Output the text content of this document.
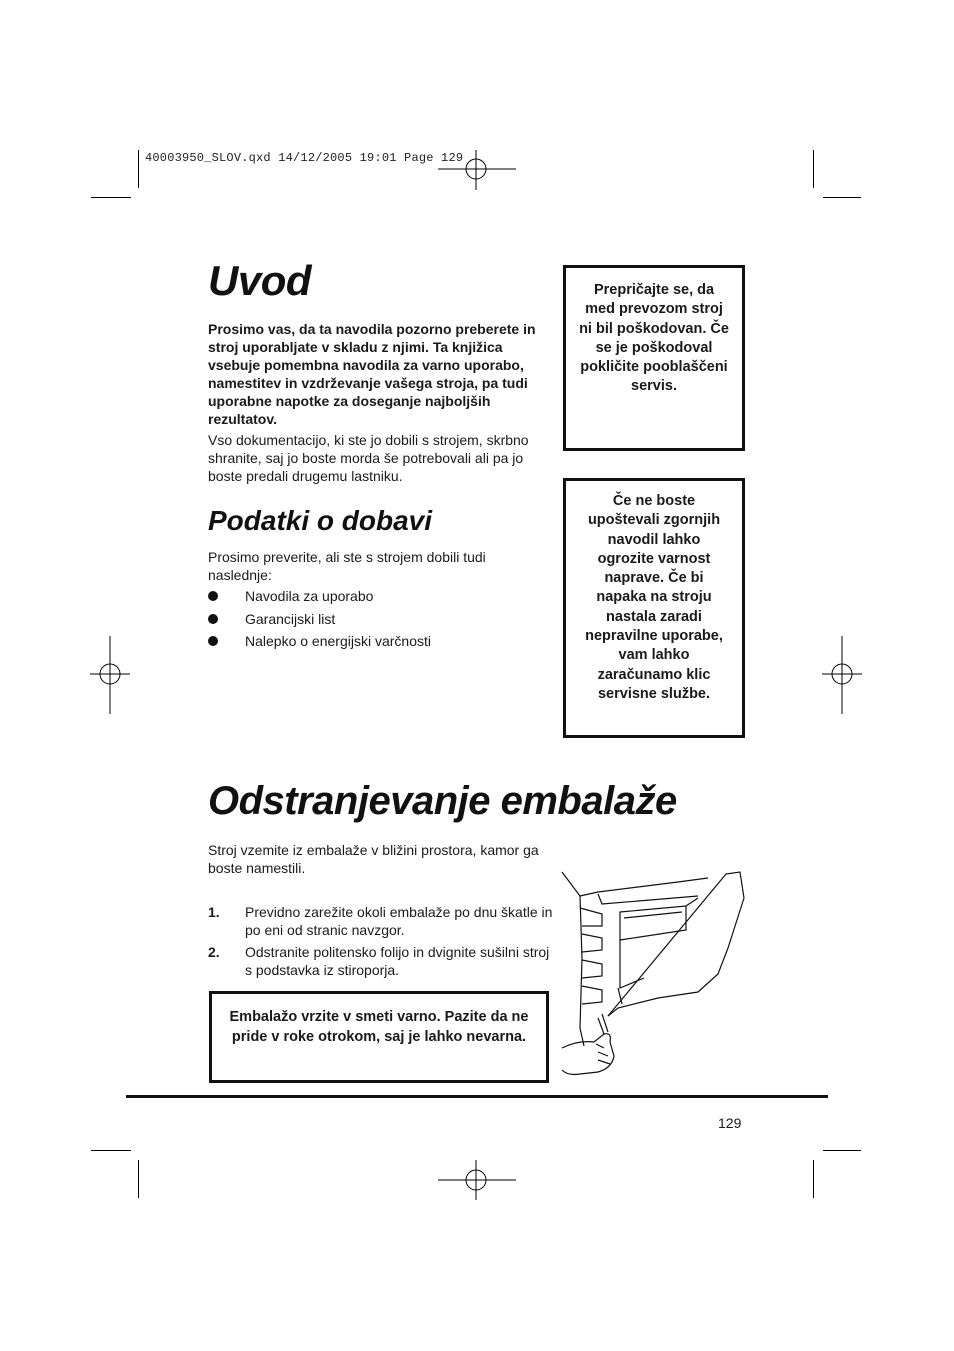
40003950_SLOV.qxd 14/12/2005 19:01 Page 129
Uvod

Prosimo vas, da ta navodila pozorno preberete in stroj uporabljate v skladu z njimi. Ta knjižica vsebuje pomembna navodila za varno uporabo, namestitev in vzdrževanje vašega stroja, pa tudi uporabne napotke za doseganje najboljših rezultatov.

Vso dokumentacijo, ki ste jo dobili s strojem, skrbno shranite, saj jo boste morda še potrebovali ali pa jo boste predali drugemu lastniku.

Podatki o dobavi

Prosimo preverite, ali ste s strojem dobili tudi naslednje:

Navodila za uporabo
Garancijski list
Nalepko o energijski varčnosti
Prepričajte se, da med prevozom stroj ni bil poškodovan. Če se je poškodoval pokličite pooblaščeni servis.
Če ne boste upoštevali zgornjih navodil lahko ogrozite varnost naprave. Če bi napaka na stroju nastala zaradi nepravilne uporabe, vam lahko zaračunamo klic servisne službe.
Odstranjevanje embalaže

Stroj vzemite iz embalaže v bližini prostora, kamor ga boste namestili.

1. Previdno zarežite okoli embalaže po dnu škatle in po eni od stranic navzgor.
2. Odstranite politensko folijo in dvignite sušilni stroj s podstavka iz stiroporja.
Embalažo vrzite v smeti varno. Pazite da ne pride v roke otrokom, saj je lahko nevarna.
129
